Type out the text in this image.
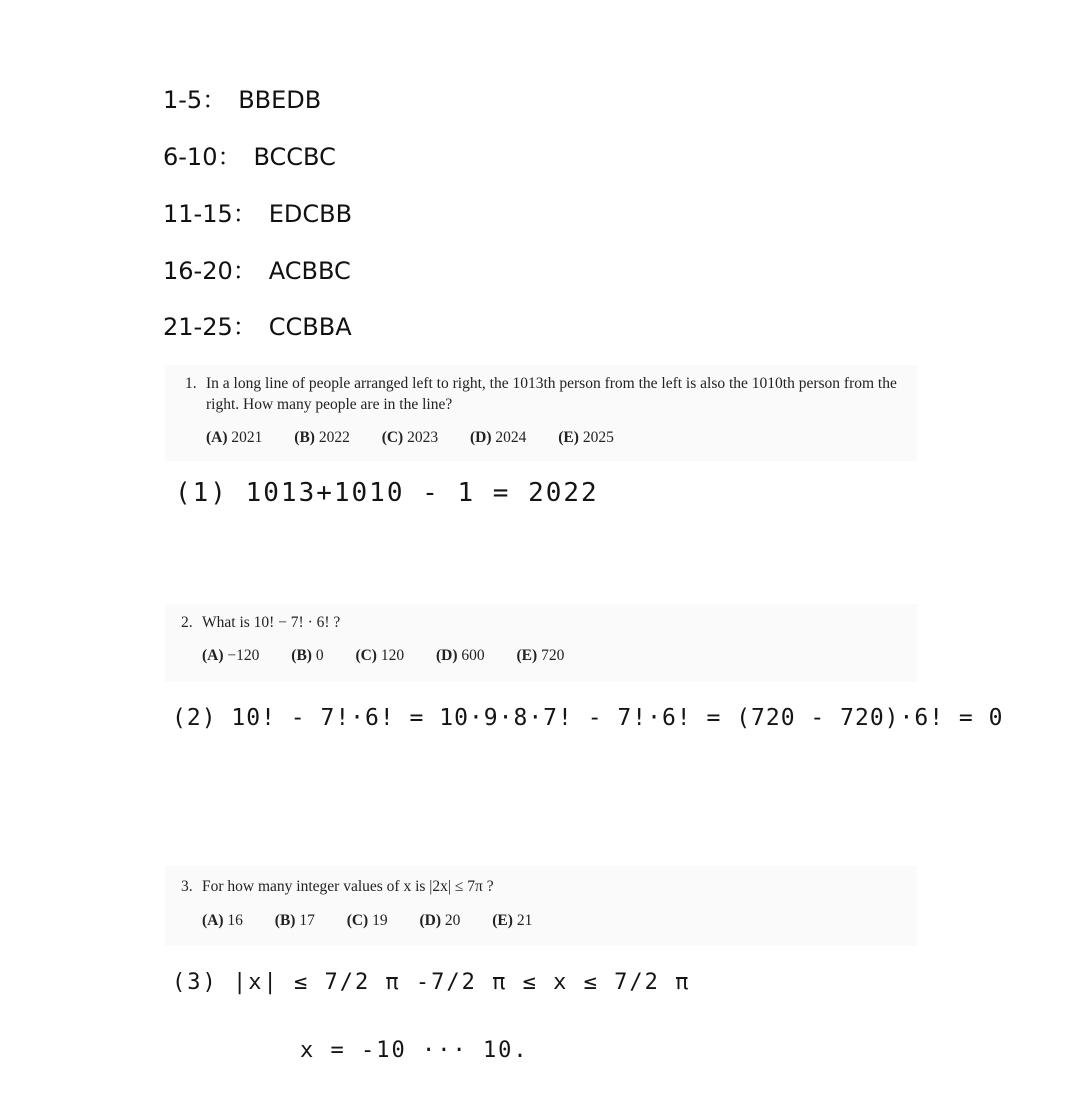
1-5： BBEDB
6-10： BCCBC
11-15： EDCBB
16-20： ACBBC
21-25： CCBBA
1. In a long line of people arranged left to right, the 1013th person from the left is also the 1010th person from the right. How many people are in the line?
(A) 2021 (B) 2022 (C) 2023 (D) 2024 (E) 2025
(1) 1013+1010 - 1 = 2022
2. What is 10! − 7! · 6! ?
(A) −120 (B) 0 (C) 120 (D) 600 (E) 720
(2) 10! - 7!·6! = 10·9·8·7! - 7!·6! = (720 - 720)·6! = 0
3. For how many integer values of x is |2x| ≤ 7π ?
(A) 16 (B) 17 (C) 19 (D) 20 (E) 21
(3) |x| ≤ 7/2 π -7/2 π ≤ x ≤ 7/2 π
x = -10 ··· 10.
